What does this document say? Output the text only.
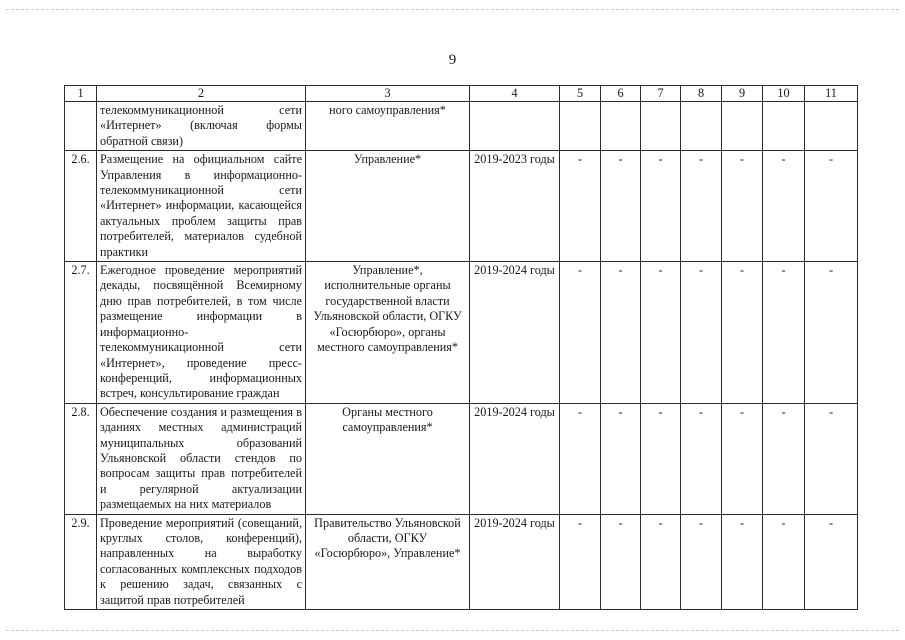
9
1	2	3	4	5	6	7	8	9	10	11
	телекоммуникационной сети «Интернет» (включая формы обратной связи)	ного самоуправления*								
2.6.	Размещение на официальном сайте Управления в информационно-телекоммуникационной сети «Интернет» информации, касающейся актуальных проблем защиты прав потребителей, материалов судебной практики	Управление*	2019-2023 годы	-	-	-	-	-	-	-
2.7.	Ежегодное проведение мероприятий декады, посвящённой Всемирному дню прав потребителей, в том числе размещение информации в информационно-телекоммуникационной сети «Интернет», проведение пресс-конференций, информационных встреч, консультирование граждан	Управление*, исполнительные органы государственной власти Ульяновской области, ОГКУ «Госюрбюро», органы местного самоуправления*	2019-2024 годы	-	-	-	-	-	-	-
2.8.	Обеспечение создания и размещения в зданиях местных администраций муниципальных образований Ульяновской области стендов по вопросам защиты прав потребителей и регулярной актуализации размещаемых на них материалов	Органы местного самоуправления*	2019-2024 годы	-	-	-	-	-	-	-
2.9.	Проведение мероприятий (совещаний, круглых столов, конференций), направленных на выработку согласованных комплексных подходов к решению задач, связанных с защитой прав потребителей	Правительство Ульяновской области, ОГКУ «Госюрбюро», Управление*	2019-2024 годы	-	-	-	-	-	-	-
